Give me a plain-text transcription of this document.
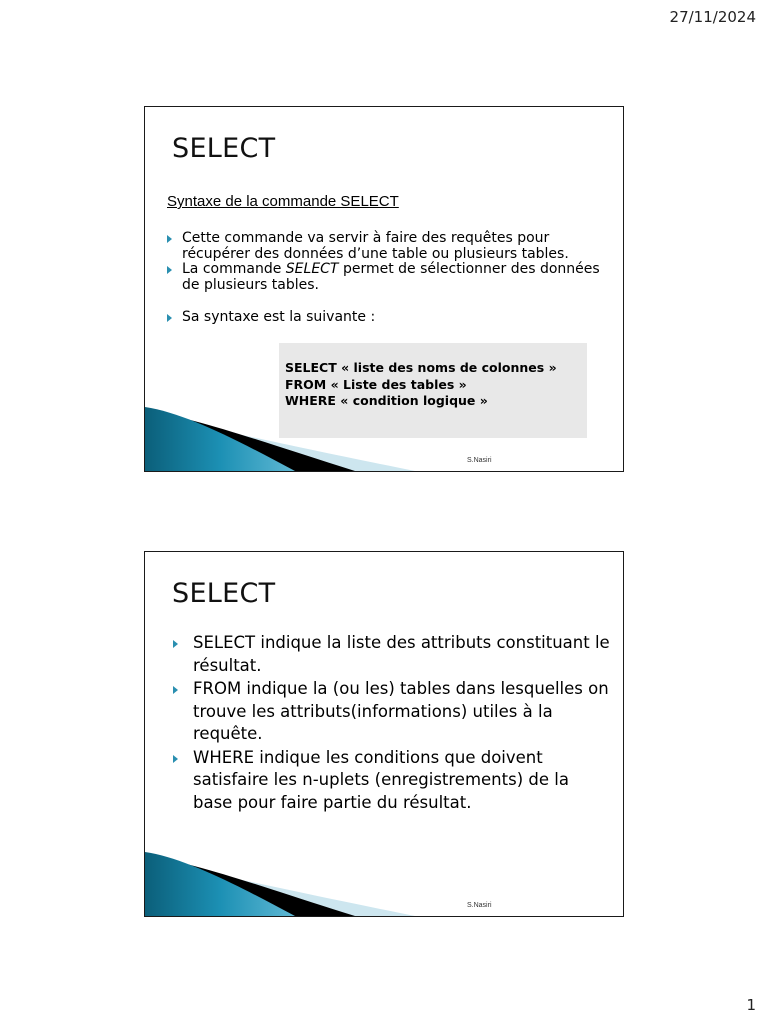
27/11/2024
SELECT
Syntaxe de la commande SELECT
Cette commande va servir à faire des requêtes pour récupérer des données d’une table ou plusieurs tables.
La commande SELECT permet de sélectionner des données de plusieurs tables.
Sa syntaxe est la suivante :
SELECT « liste des noms de colonnes »
FROM « Liste des tables »
WHERE « condition logique »
S.Nasiri
SELECT
SELECT indique la liste des attributs constituant le résultat.
FROM indique la (ou les) tables dans lesquelles on trouve les attributs(informations) utiles à la requête.
WHERE indique les conditions que doivent satisfaire les n-uplets (enregistrements) de la base pour faire partie du résultat.
S.Nasiri
1
